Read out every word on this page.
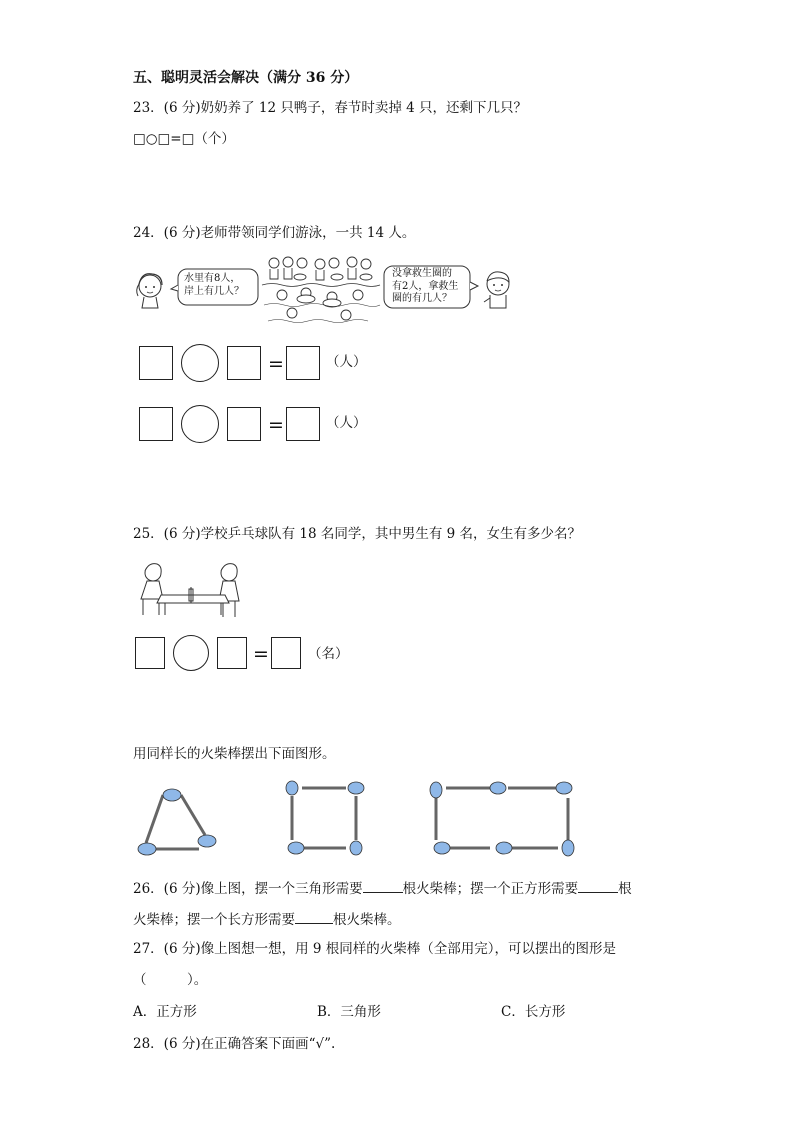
五、聪明灵活会解决（满分 36 分）
23．(6 分)奶奶养了 12 只鸭子，春节时卖掉 4 只，还剩下几只？
□○□=□（个）
24．(6 分)老师带领同学们游泳，一共 14 人。
水里有8人，
岸上有几人？
没拿救生圈的
有2人，拿救生
圈的有几人？
=	（人）
=	（人）
25．(6 分)学校乒乓球队有 18 名同学，其中男生有 9 名，女生有多少名？
=	（名）
用同样长的火柴棒摆出下面图形。
26．(6 分)像上图，摆一个三角形需要	根火柴棒；摆一个正方形需要	根
火柴棒；摆一个长方形需要	根火柴棒。
27．(6 分)像上图想一想，用 9 根同样的火柴棒（全部用完），可以摆出的图形是
（　　　）。
A．正方形	B．三角形	C．长方形
28．(6 分)在正确答案下面画“√”.
